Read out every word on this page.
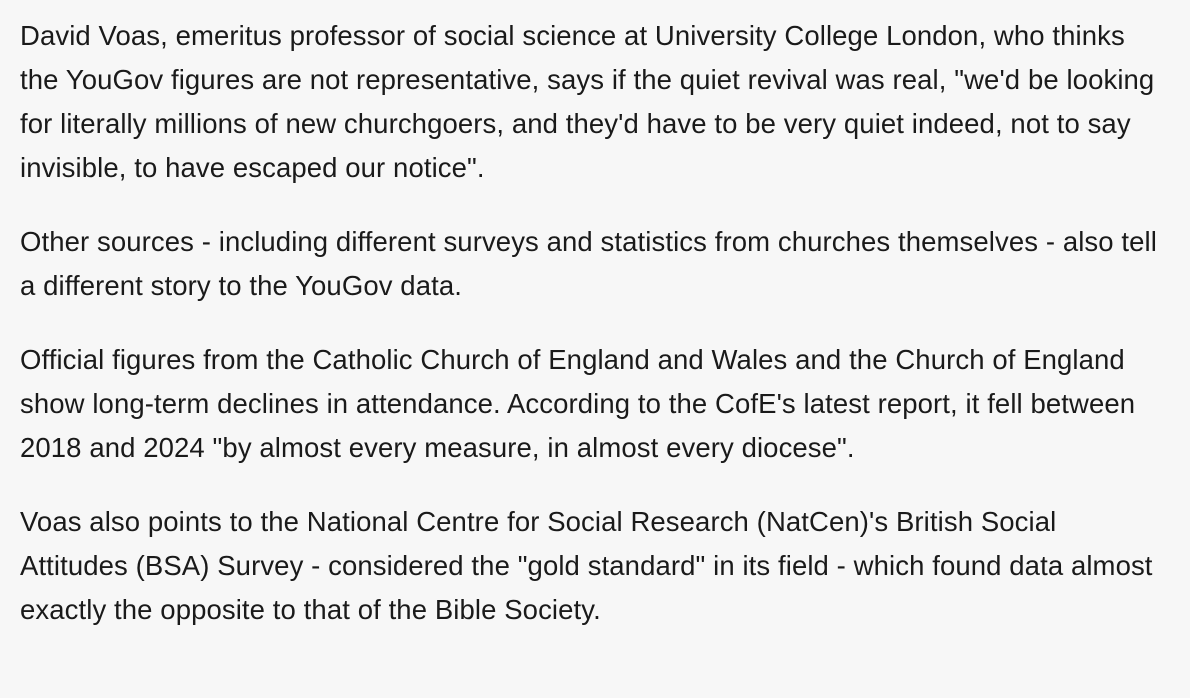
David Voas, emeritus professor of social science at University College London, who thinks the YouGov figures are not representative, says if the quiet revival was real, "we'd be looking for literally millions of new churchgoers, and they'd have to be very quiet indeed, not to say invisible, to have escaped our notice".

Other sources - including different surveys and statistics from churches themselves - also tell a different story to the YouGov data.

Official figures from the Catholic Church of England and Wales and the Church of England show long-term declines in attendance. According to the CofE's latest report, it fell between 2018 and 2024 "by almost every measure, in almost every diocese".

Voas also points to the National Centre for Social Research (NatCen)'s British Social Attitudes (BSA) Survey - considered the "gold standard" in its field - which found data almost exactly the opposite to that of the Bible Society.
